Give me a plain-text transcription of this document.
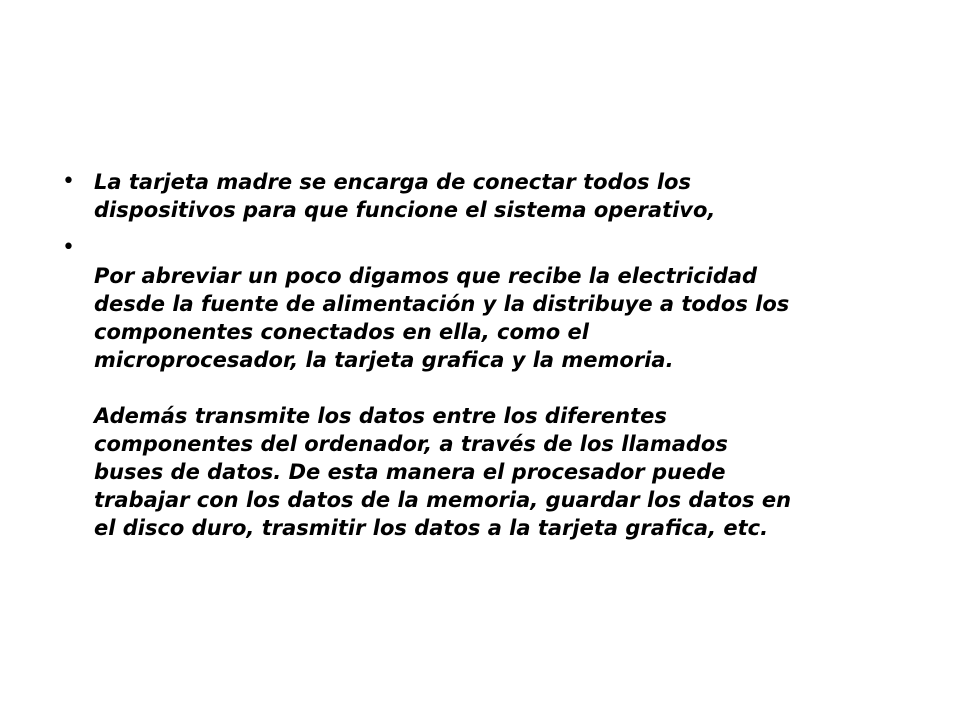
• La tarjeta madre se encarga de conectar todos los
dispositivos para que funcione el sistema operativo,

•

Por abreviar un poco digamos que recibe la electricidad
desde la fuente de alimentación y la distribuye a todos los
componentes conectados en ella, como el
microprocesador, la tarjeta grafica y la memoria.

Además transmite los datos entre los diferentes
componentes del ordenador, a través de los llamados
buses de datos. De esta manera el procesador puede
trabajar con los datos de la memoria, guardar los datos en
el disco duro, trasmitir los datos a la tarjeta grafica, etc.
